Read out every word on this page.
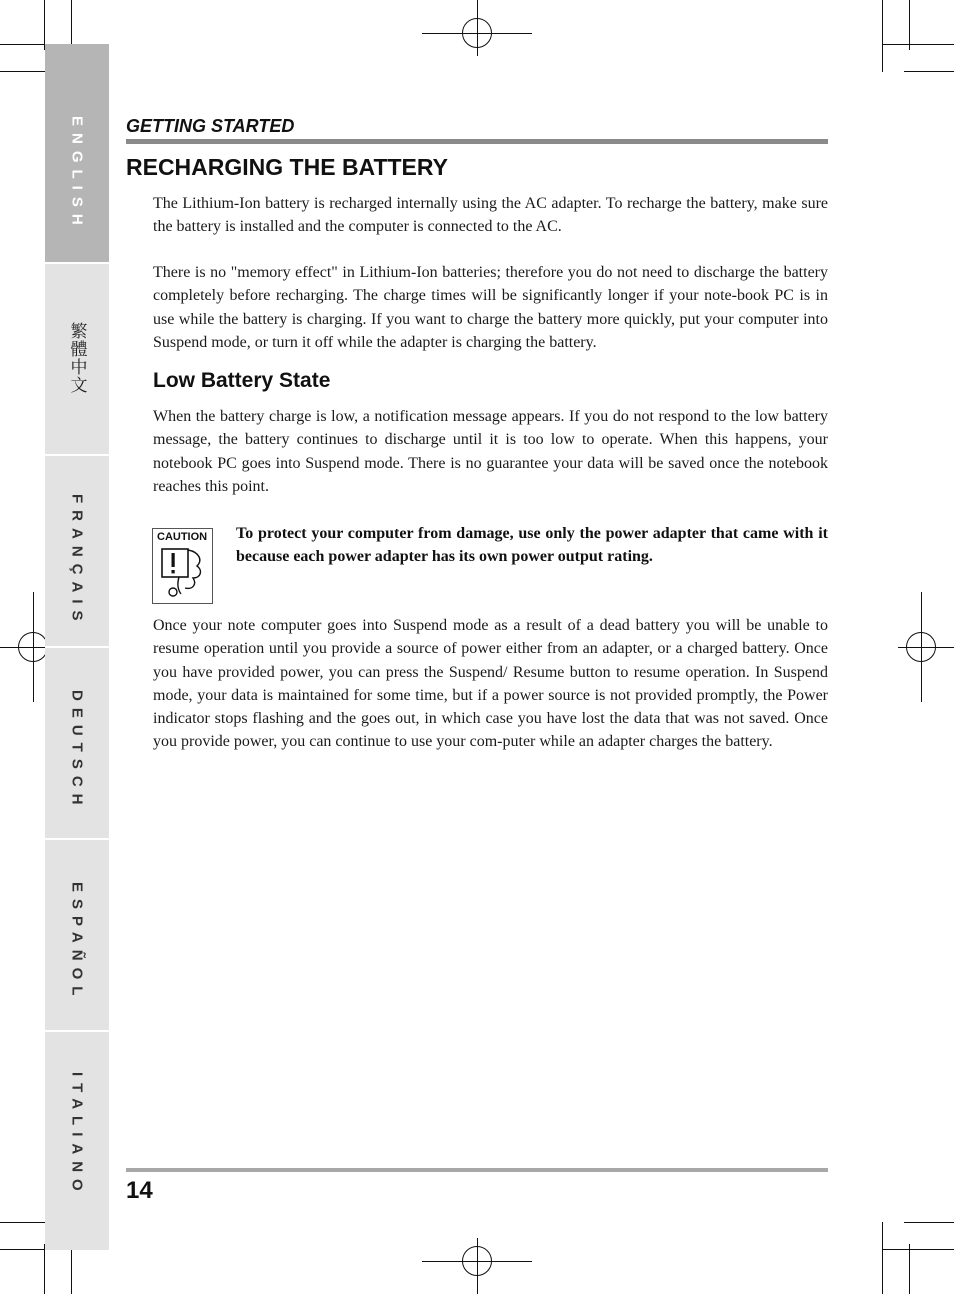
ENGLISH
繁體中文
FRANÇAIS
DEUTSCH
ESPAÑOL
ITALIANO
GETTING STARTED
RECHARGING THE BATTERY

The Lithium-Ion battery is recharged internally using the AC adapter. To recharge the battery, make sure the battery is installed and the computer is connected to the AC.

There is no "memory effect" in Lithium-Ion batteries; therefore you do not need to discharge the battery completely before recharging. The charge times will be significantly longer if your note-book PC is in use while the battery is charging. If you want to charge the battery more quickly, put your computer into Suspend mode, or turn it off while the adapter is charging the battery.

Low Battery State

When the battery charge is low, a notification message appears. If you do not respond to the low battery message, the battery continues to discharge until it is too low to operate. When this happens, your notebook PC goes into Suspend mode. There is no guarantee your data will be saved once the notebook reaches this point.

CAUTION To protect your computer from damage, use only the power adapter that came with it because each power adapter has its own power output rating.

Once your note computer goes into Suspend mode as a result of a dead battery you will be unable to resume operation until you provide a source of power either from an adapter, or a charged battery. Once you have provided power, you can press the Suspend/ Resume button to resume operation. In Suspend mode, your data is maintained for some time, but if a power source is not provided promptly, the Power indicator stops flashing and the goes out, in which case you have lost the data that was not saved. Once you provide power, you can continue to use your com-puter while an adapter charges the battery.

14
